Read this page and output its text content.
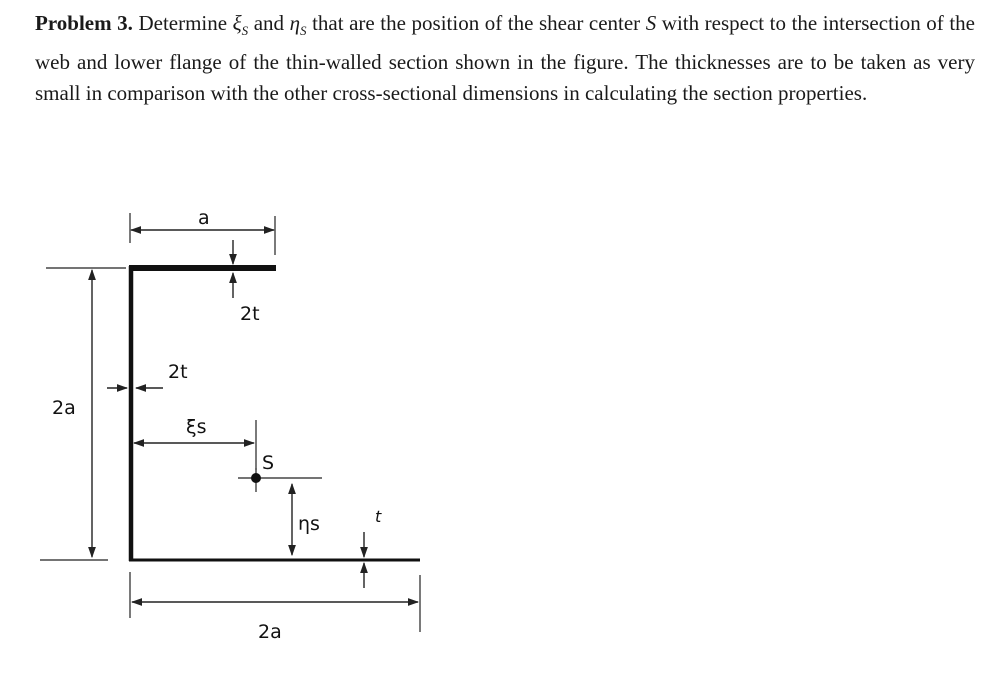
Problem 3. Determine $\xi_S$ and $\eta_S$ that are the position of the shear center S with respect to the intersection of the web and lower flange of the thin-walled section shown in the figure. The thicknesses are to be taken as very small in comparison with the other cross-sectional dimensions in calculating the section properties.

a
2t
2a
2t
ξs
S
ηs	t
2a
